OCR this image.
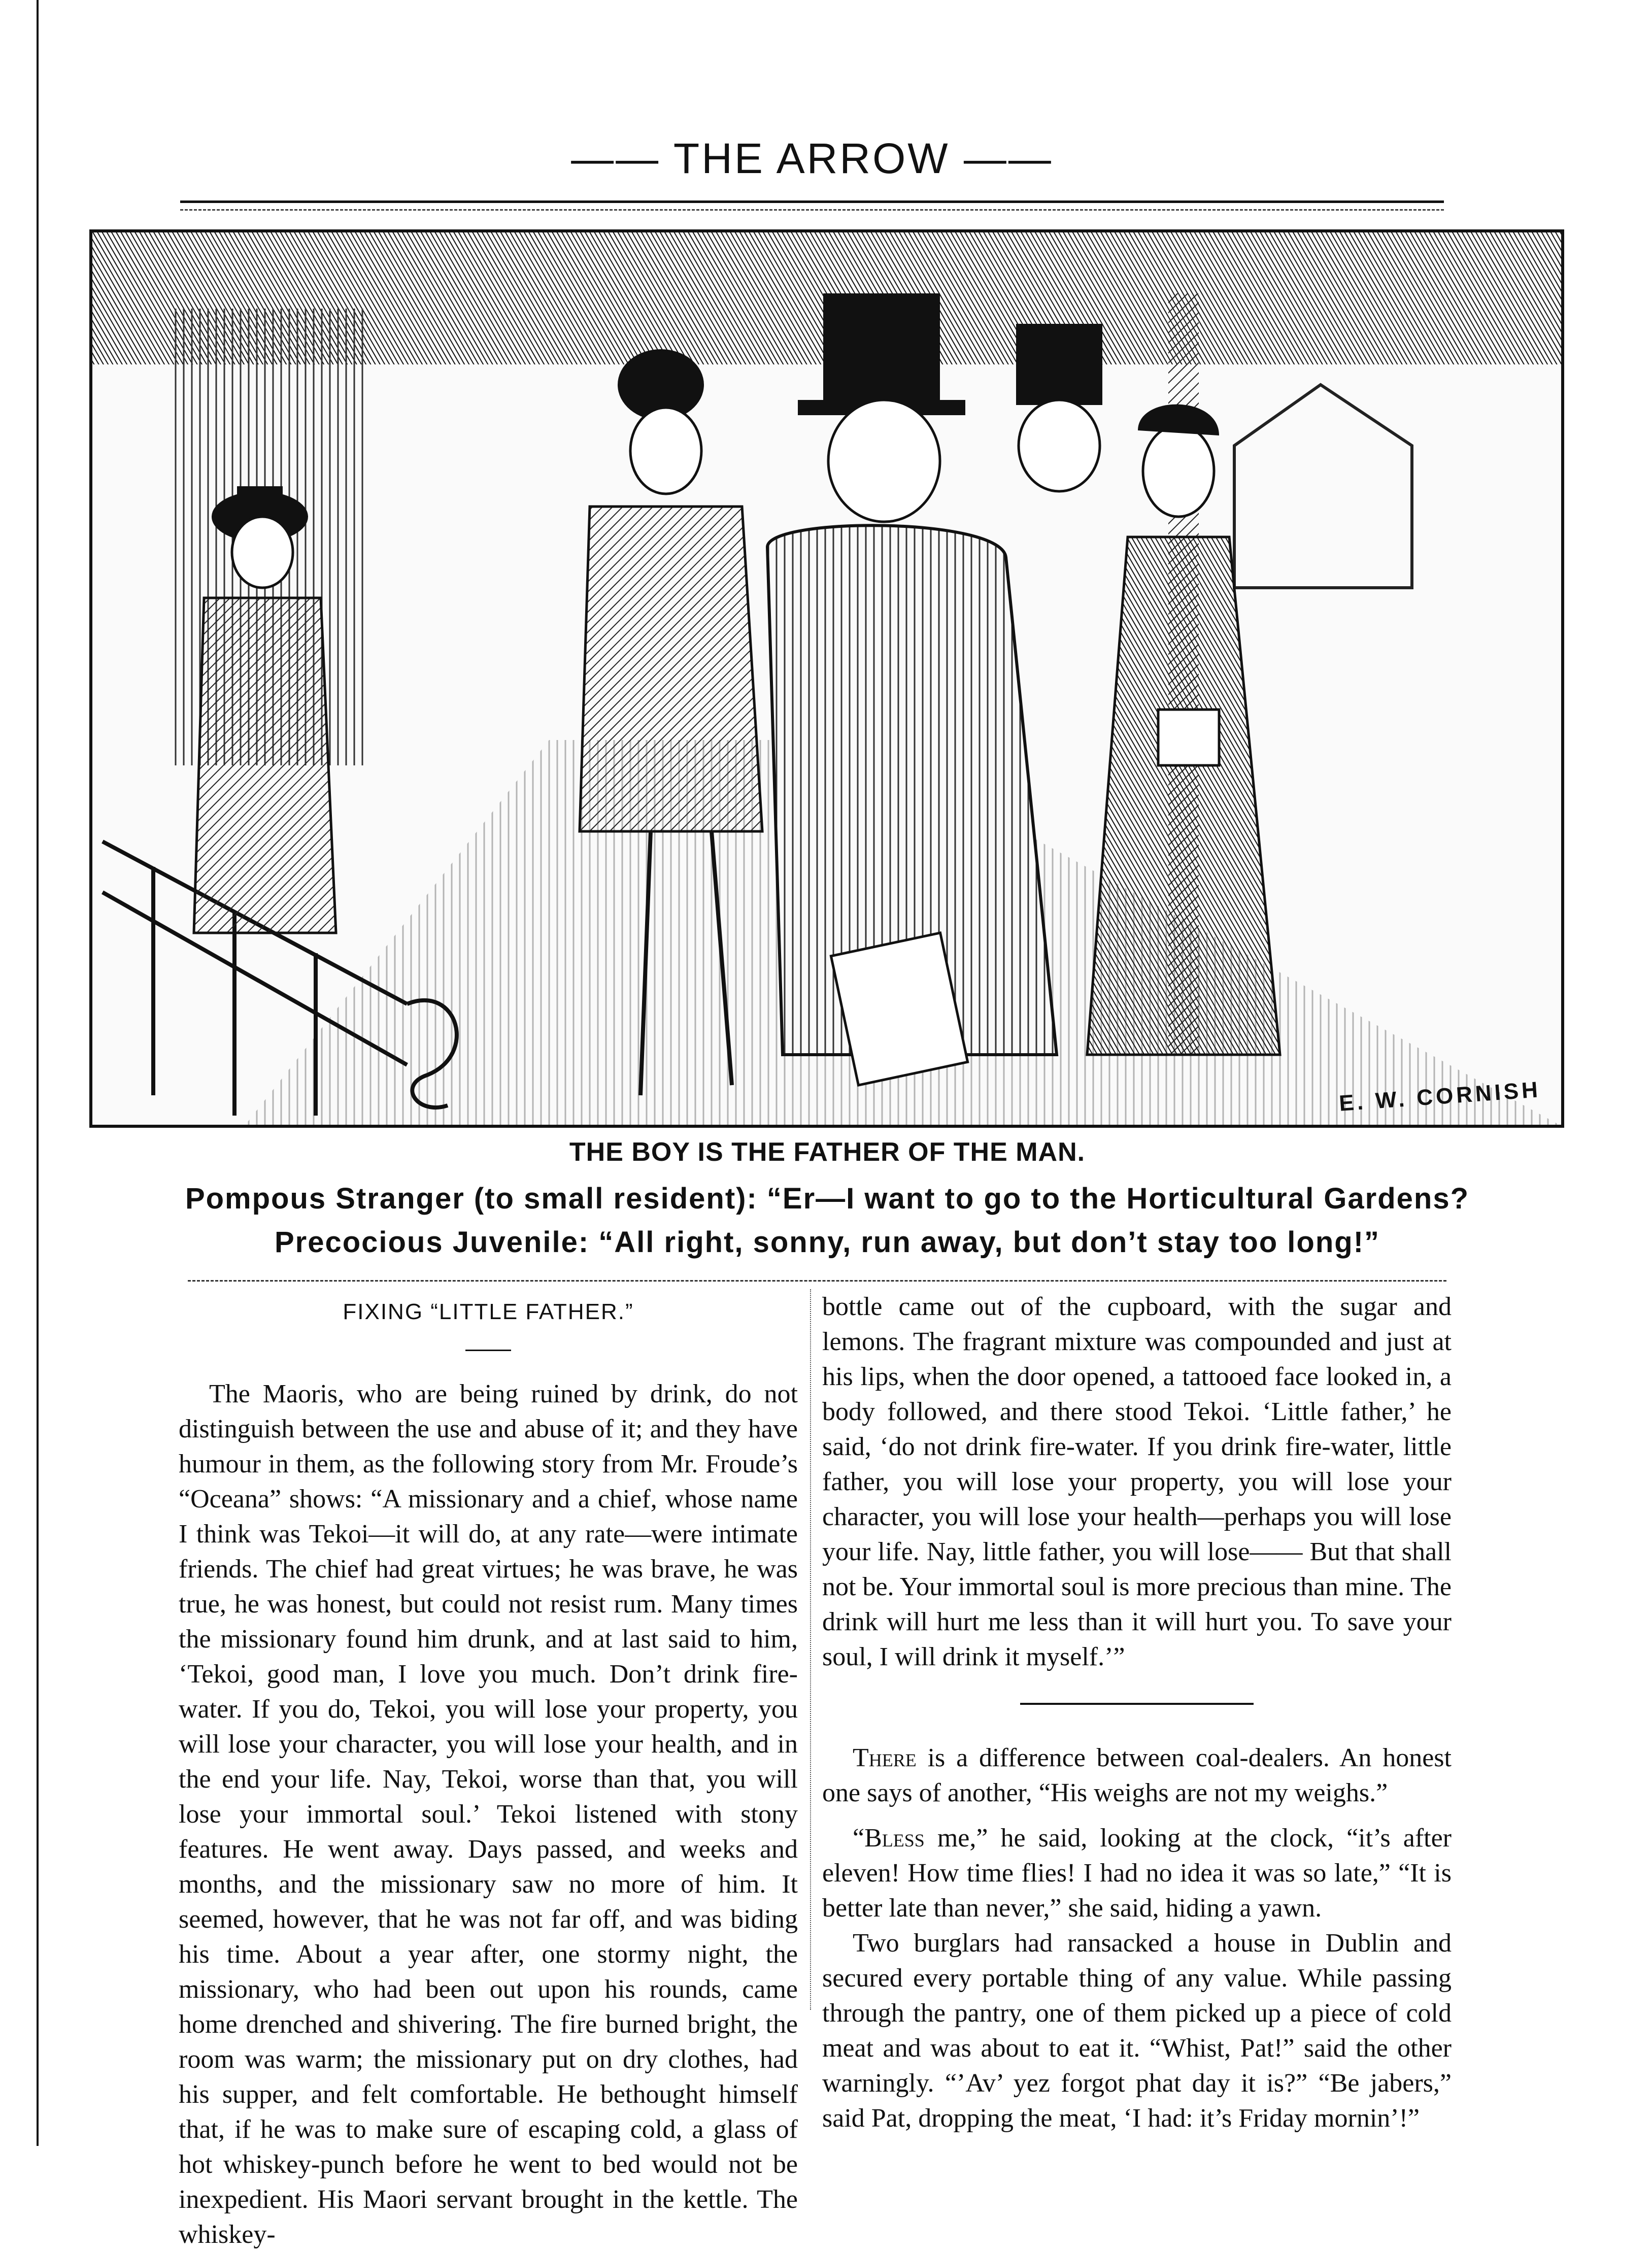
—— THE ARROW ——
E. W. CORNISH
THE BOY IS THE FATHER OF THE MAN.
Pompous Stranger (to small resident): “Er—I want to go to the Horticultural Gardens?
Precocious Juvenile: “All right, sonny, run away, but don’t stay too long!”
FIXING “LITTLE FATHER.”

The Maoris, who are being ruined by drink, do not distinguish between the use and abuse of it; and they have humour in them, as the following story from Mr. Froude’s “Oceana” shows: “A missionary and a chief, whose name I think was Tekoi—it will do, at any rate—were intimate friends. The chief had great virtues; he was brave, he was true, he was honest, but could not resist rum. Many times the missionary found him drunk, and at last said to him, ‘Tekoi, good man, I love you much. Don’t drink fire-water. If you do, Tekoi, you will lose your property, you will lose your character, you will lose your health, and in the end your life. Nay, Tekoi, worse than that, you will lose your immortal soul.’ Tekoi listened with stony features. He went away. Days passed, and weeks and months, and the missionary saw no more of him. It seemed, however, that he was not far off, and was biding his time. About a year after, one stormy night, the missionary, who had been out upon his rounds, came home drenched and shivering. The fire burned bright, the room was warm; the missionary put on dry clothes, had his supper, and felt comfortable. He bethought himself that, if he was to make sure of escaping cold, a glass of hot whiskey-punch before he went to bed would not be inexpedient. His Maori servant brought in the kettle. The whiskey-

bottle came out of the cupboard, with the sugar and lemons. The fragrant mixture was compounded and just at his lips, when the door opened, a tattooed face looked in, a body followed, and there stood Tekoi. ‘Little father,’ he said, ‘do not drink fire-water. If you drink fire-water, little father, you will lose your property, you will lose your character, you will lose your health—perhaps you will lose your life. Nay, little father, you will lose—— But that shall not be. Your immortal soul is more precious than mine. The drink will hurt me less than it will hurt you. To save your soul, I will drink it myself.’”

There is a difference between coal-dealers. An honest one says of another, “His weighs are not my weighs.”

“Bless me,” he said, looking at the clock, “it’s after eleven! How time flies! I had no idea it was so late,” “It is better late than never,” she said, hiding a yawn.

Two burglars had ransacked a house in Dublin and secured every portable thing of any value. While passing through the pantry, one of them picked up a piece of cold meat and was about to eat it. “Whist, Pat!” said the other warningly. “’Av’ yez forgot phat day it is?” “Be jabers,” said Pat, dropping the meat, ‘I had: it’s Friday mornin’!”
